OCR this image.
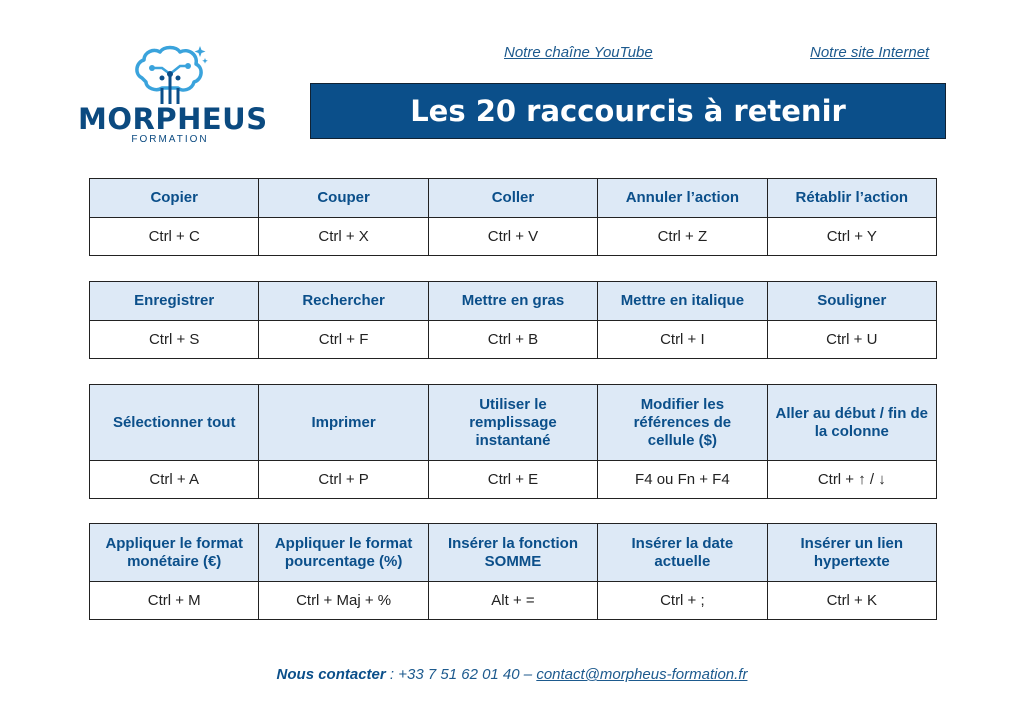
MORPHEUS
FORMATION
Notre chaîne YouTube	Notre site Internet
Les 20 raccourcis à retenir
Copier	Couper	Coller	Annuler l’action	Rétablir l’action
Ctrl + C	Ctrl + X	Ctrl + V	Ctrl + Z	Ctrl + Y
Enregistrer	Rechercher	Mettre en gras	Mettre en italique	Souligner
Ctrl + S	Ctrl + F	Ctrl + B	Ctrl + I	Ctrl + U
Sélectionner tout	Imprimer	Utiliser le remplissage instantané	Modifier les références de cellule ($)	Aller au début / fin de la colonne
Ctrl + A	Ctrl + P	Ctrl + E	F4 ou Fn + F4	Ctrl + ↑ / ↓
Appliquer le format monétaire (€)	Appliquer le format pourcentage (%)	Insérer la fonction SOMME	Insérer la date actuelle	Insérer un lien hypertexte
Ctrl + M	Ctrl + Maj + %	Alt + =	Ctrl + ;	Ctrl + K
Nous contacter : +33 7 51 62 01 40 – contact@morpheus-formation.fr
